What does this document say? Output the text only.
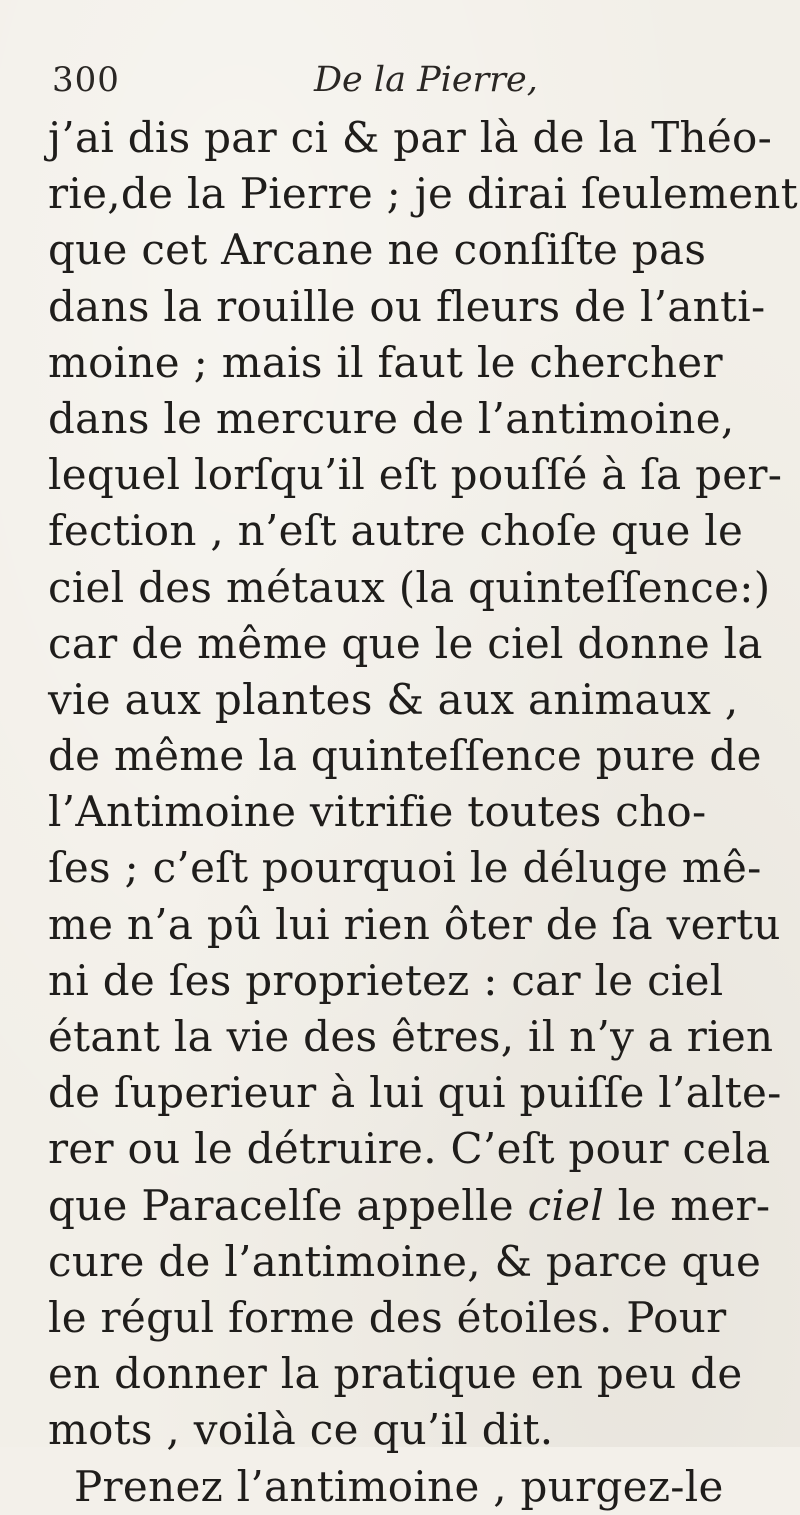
300	De la Pierre,
j’ai dis par ci & par là de la Théo-
rie,de la Pierre ; je dirai ſeulement
que cet Arcane ne conſiſte pas
dans la rouille ou fleurs de l’anti-
moine ; mais il faut le chercher
dans le mercure de l’antimoine,
lequel lorſqu’il eſt pouſſé à ſa per-
fection , n’eſt autre choſe que le
ciel des métaux (la quinteſſence:)
car de même que le ciel donne la
vie aux plantes & aux animaux ,
de même la quinteſſence pure de
l’Antimoine vitrifie toutes cho-
ſes ; c’eſt pourquoi le déluge mê-
me n’a pû lui rien ôter de ſa vertu
ni de ſes proprietez : car le ciel
étant la vie des êtres, il n’y a rien
de ſuperieur à lui qui puiſſe l’alte-
rer ou le détruire. C’eſt pour cela
que Paracelſe appelle ciel le mer-
cure de l’antimoine, & parce que
le régul forme des étoiles. Pour
en donner la pratique en peu de
mots , voilà ce qu’il dit.
Prenez l’antimoine , purgez-le
